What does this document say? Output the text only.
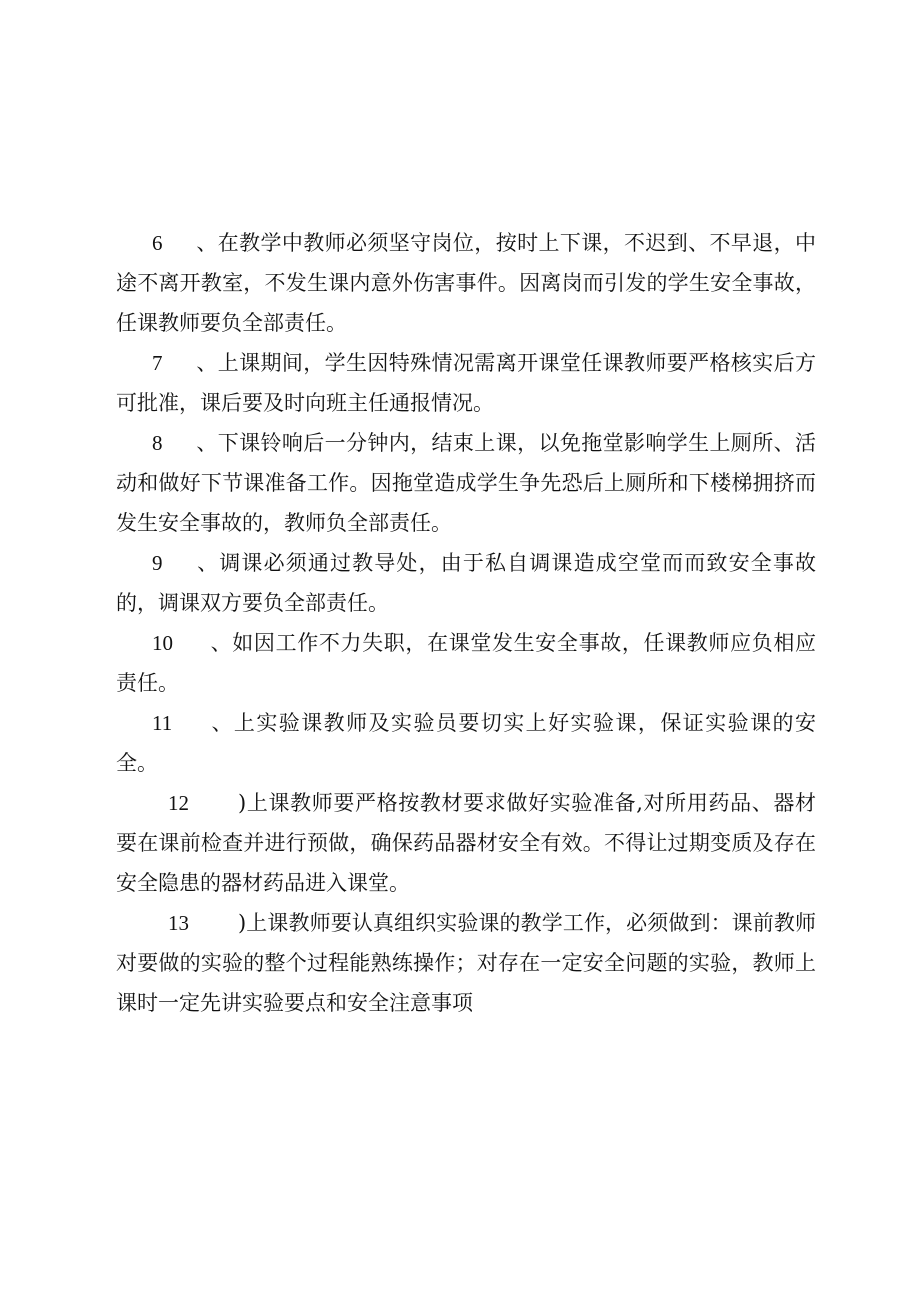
6 、在教学中教师必须坚守岗位，按时上下课，不迟到、不早退，中途不离开教室，不发生课内意外伤害事件。因离岗而引发的学生安全事故，任课教师要负全部责任。

7 、上课期间，学生因特殊情况需离开课堂任课教师要严格核实后方可批准，课后要及时向班主任通报情况。

8 、下课铃响后一分钟内，结束上课，以免拖堂影响学生上厕所、活动和做好下节课准备工作。因拖堂造成学生争先恐后上厕所和下楼梯拥挤而发生安全事故的，教师负全部责任。

9 、调课必须通过教导处，由于私自调课造成空堂而而致安全事故的，调课双方要负全部责任。

10 、如因工作不力失职，在课堂发生安全事故，任课教师应负相应责任。

11 、上实验课教师及实验员要切实上好实验课，保证实验课的安全。

12 )上课教师要严格按教材要求做好实验准备,对所用药品、器材要在课前检查并进行预做，确保药品器材安全有效。不得让过期变质及存在安全隐患的器材药品进入课堂。

13 )上课教师要认真组织实验课的教学工作，必须做到：课前教师对要做的实验的整个过程能熟练操作；对存在一定安全问题的实验，教师上课时一定先讲实验要点和安全注意事项
